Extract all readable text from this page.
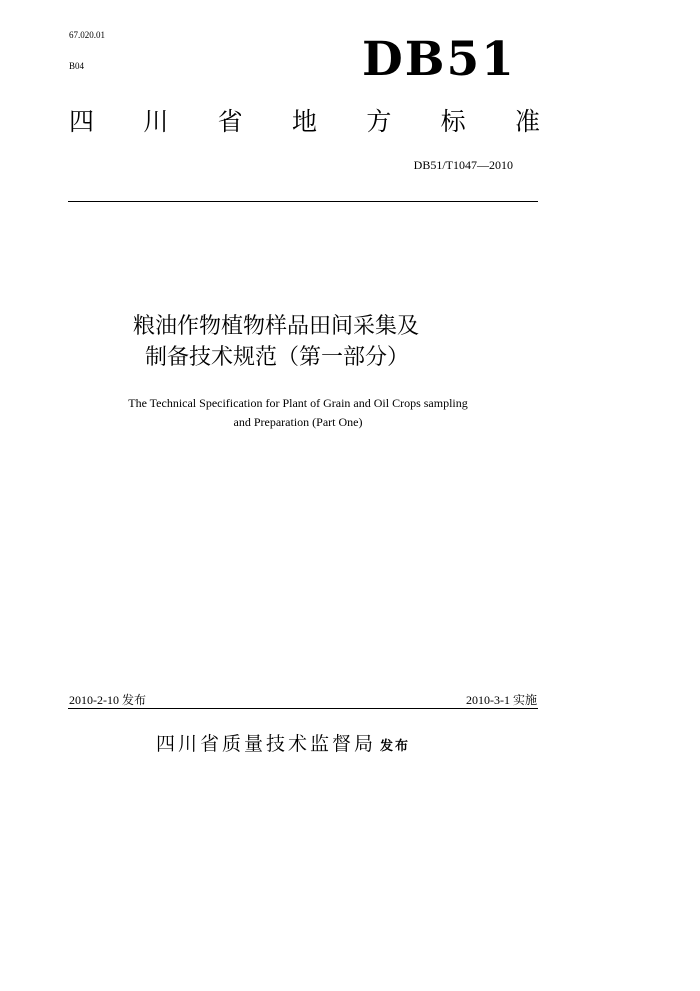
67.020.01
B04	DB51
四 川 省 地 方 标 准
DB51/T1047—2010
粮油作物植物样品田间采集及
制备技术规范（第一部分）
The Technical Specification for Plant of Grain and Oil Crops sampling
and Preparation (Part One)
2010-2-10 发布	2010-3-1 实施
四川省质量技术监督局 发布
